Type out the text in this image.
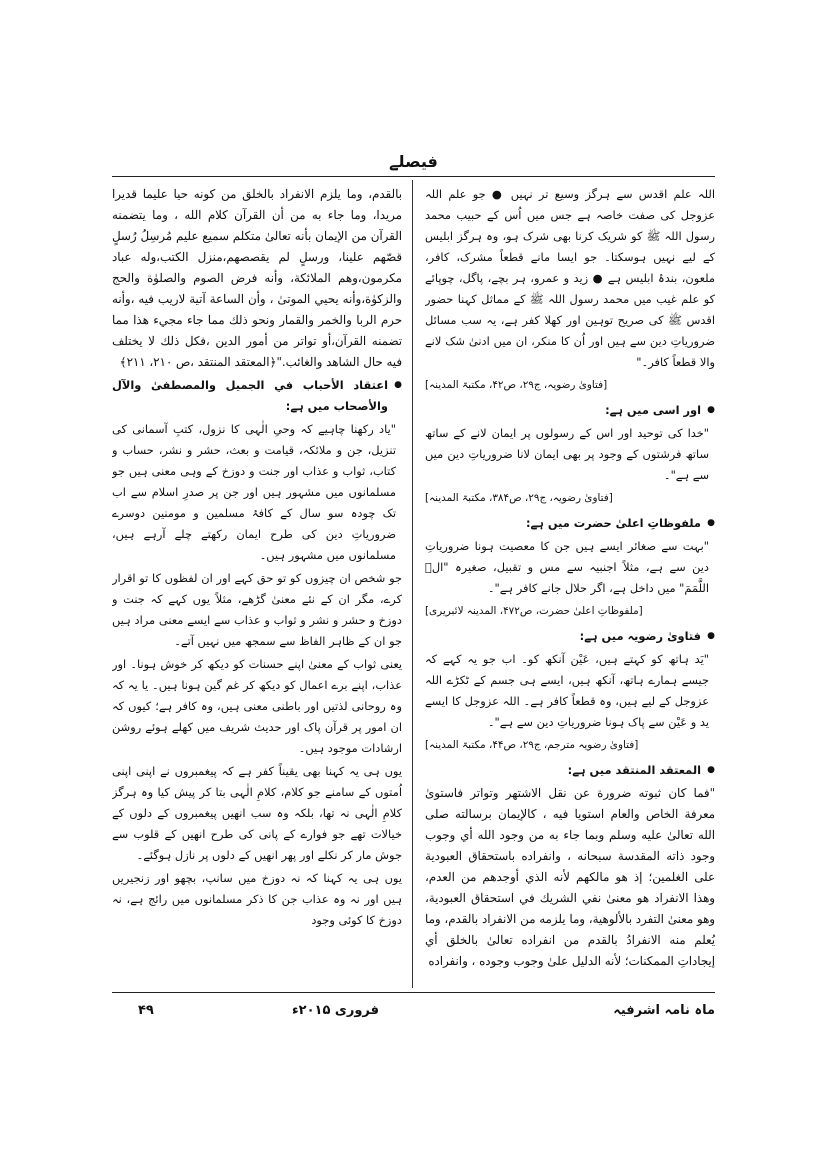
فیصلے

اللہ علم اقدس سے ہرگز وسیع تر نہیں ● جو علم اللہ عزوجل کی صفت خاصہ ہے جس میں اُس کے حبیب محمد رسول اللہ ﷺ کو شریک کرنا بھی شرک ہو، وہ ہرگز ابلیس کے لیے نہیں ہوسکتا۔ جو ایسا مانے قطعاً مشرک، کافر، ملعون، بندۂ ابلیس ہے ● زید و عمرو، ہر بچے، پاگل، چوپائے کو علم غیب میں محمد رسول اللہ ﷺ کے مماثل کہنا حضور اقدس ﷺ کی صریح توہین اور کھلا کفر ہے، یہ سب مسائل ضروریاتِ دین سے ہیں اور اُن کا منکر، ان میں ادنیٰ شک لانے والا قطعاً کافر۔"

[فتاویٰ رضویہ، ج۲۹، ص۴۲، مکتبۃ المدینہ]

● اور اسی میں ہے:

"خدا کی توحید اور اس کے رسولوں پر ایمان لانے کے ساتھ ساتھ فرشتوں کے وجود پر بھی ایمان لانا ضروریاتِ دین میں سے ہے"۔

[فتاویٰ رضویہ، ج۲۹، ص۳۸۴، مکتبۃ المدینہ]

● ملفوظاتِ اعلیٰ حضرت میں ہے:

"بہت سے صغائر ایسے ہیں جن کا معصیت ہونا ضروریاتِ دین سے ہے، مثلاً اجنبیہ سے مس و تقبیل، صغیرہ "الۤ اللَّمَمَ" میں داخل ہے، اگر حلال جانے کافر ہے"۔

[ملفوظاتِ اعلیٰ حضرت، ص۴۷۲، المدینہ لائبریری]

● فتاویٰ رضویہ میں ہے:

"یَد ہاتھ کو کہتے ہیں، عَیْن آنکھ کو۔ اب جو یہ کہے کہ جیسے ہمارے ہاتھ، آنکھ ہیں، ایسے ہی جسم کے ٹکڑے اللہ عزوجل کے لیے ہیں، وہ قطعاً کافر ہے۔ اللہ عزوجل کا ایسے ید و عَیْن سے پاک ہونا ضروریاتِ دین سے ہے"۔

[فتاویٰ رضویہ مترجم، ج۲۹، ص۴۴، مکتبۃ المدینہ]

● المعتقد المنتقد میں ہے:

"فما كان ثبوته ضرورة عن نقل الاشتهر وتواتر فاستوىٰ معرفة الخاص والعام استويا فيه ، كالإيمان برسالته صلى الله تعالىٰ عليه وسلم وبما جاء به من وجود الله أي وجوب وجود ذاته المقدسة سبحانه ، وانفراده باستحقاق العبودية على الغلمين؛ إذ هو مالكهم لأنه الذي أوجدهم من العدم، وهذا الانفراد هو معنىٰ نفي الشريك في استحقاق العبودية، وهو معنىٰ التفرد بالألوهية، وما يلزمه من الانفراد بالقدم، وما يُعلم منه الانفرادُ بالقدم من انفراده تعالىٰ بالخلق أي إيجاداتِ الممكنات؛ لأنه الدليل علىٰ وجوب وجوده ، وانفراده

بالقدم، وما يلزم الانفراد بالخلق من كونه حيا عليما قديرا مريدا، وما جاء به من أن القرآن كلام الله ، وما يتضمنه القرآن من الإيمان بأنه تعالىٰ متكلم سميع عليم مُرسِلُ رُسلٍ قصّهم علينا، ورسلٍ لم يقصصهم،منزل الكتب،وله عباد مكرمون،وهم الملائكة، وأنه فرض الصوم والصلوٰة والحج والزكوٰة،وأنه يحيي الموتىٰ ، وأن الساعة آتية لاريب فيه ،وأنه حرم الربا والخمر والقمار ونحو ذلك مما جاء مجيء هذا مما تضمنه القرآن،أو تواتر من أمور الدين ،فكل ذلك لا يختلف فيه حال الشاهد والغائب."﴿المعتقد المنتقد ،ص ٢١٠، ٢١١﴾

● اعتقاد الأحباب في الجميل والمصطفىٰ والآل والأصحاب میں ہے:

"یاد رکھنا چاہیے کہ وحیِ الٰہی کا نزول، کتبِ آسمانی کی تنزیل، جن و ملائکہ، قیامت و بعث، حشر و نشر، حساب و کتاب، ثواب و عذاب اور جنت و دوزخ کے وہی معنی ہیں جو مسلمانوں میں مشہور ہیں اور جن پر صدرِ اسلام سے اب تک چودہ سو سال کے کافۂ مسلمین و مومنین دوسرے ضروریاتِ دین کی طرح ایمان رکھتے چلے آرہے ہیں، مسلمانوں میں مشہور ہیں۔

جو شخص ان چیزوں کو تو حق کہے اور ان لفظوں کا تو اقرار کرے، مگر ان کے نئے معنیٰ گڑھے، مثلاً یوں کہے کہ جنت و دوزخ و حشر و نشر و ثواب و عذاب سے ایسے معنی مراد ہیں جو ان کے ظاہر الفاظ سے سمجھ میں نہیں آتے۔

یعنی ثواب کے معنیٰ اپنے حسنات کو دیکھ کر خوش ہونا۔ اور عذاب، اپنے برے اعمال کو دیکھ کر غم گین ہونا ہیں۔ یا یہ کہ وہ روحانی لذتیں اور باطنی معنی ہیں، وہ کافر ہے؛ کیوں کہ ان امور پر قرآن پاک اور حدیث شریف میں کھلے ہوئے روشن ارشادات موجود ہیں۔

یوں ہی یہ کہنا بھی یقیناً کفر ہے کہ پیغمبروں نے اپنی اپنی اُمتوں کے سامنے جو کلام، کلامِ الٰہی بتا کر پیش کیا وہ ہرگز کلامِ الٰہی نہ تھا، بلکہ وہ سب انھیں پیغمبروں کے دلوں کے خیالات تھے جو فوارے کے پانی کی طرح انھیں کے قلوب سے جوش مار کر نکلے اور پھر انھیں کے دلوں پر نازل ہوگئے۔

یوں ہی یہ کہنا کہ نہ دوزخ میں سانپ، بچھو اور زنجیریں ہیں اور نہ وہ عذاب جن کا ذکر مسلمانوں میں رائج ہے، نہ دوزخ کا کوئی وجود

ماہ نامہ اشرفیہ
فروری ۲۰۱۵ء
۴۹
